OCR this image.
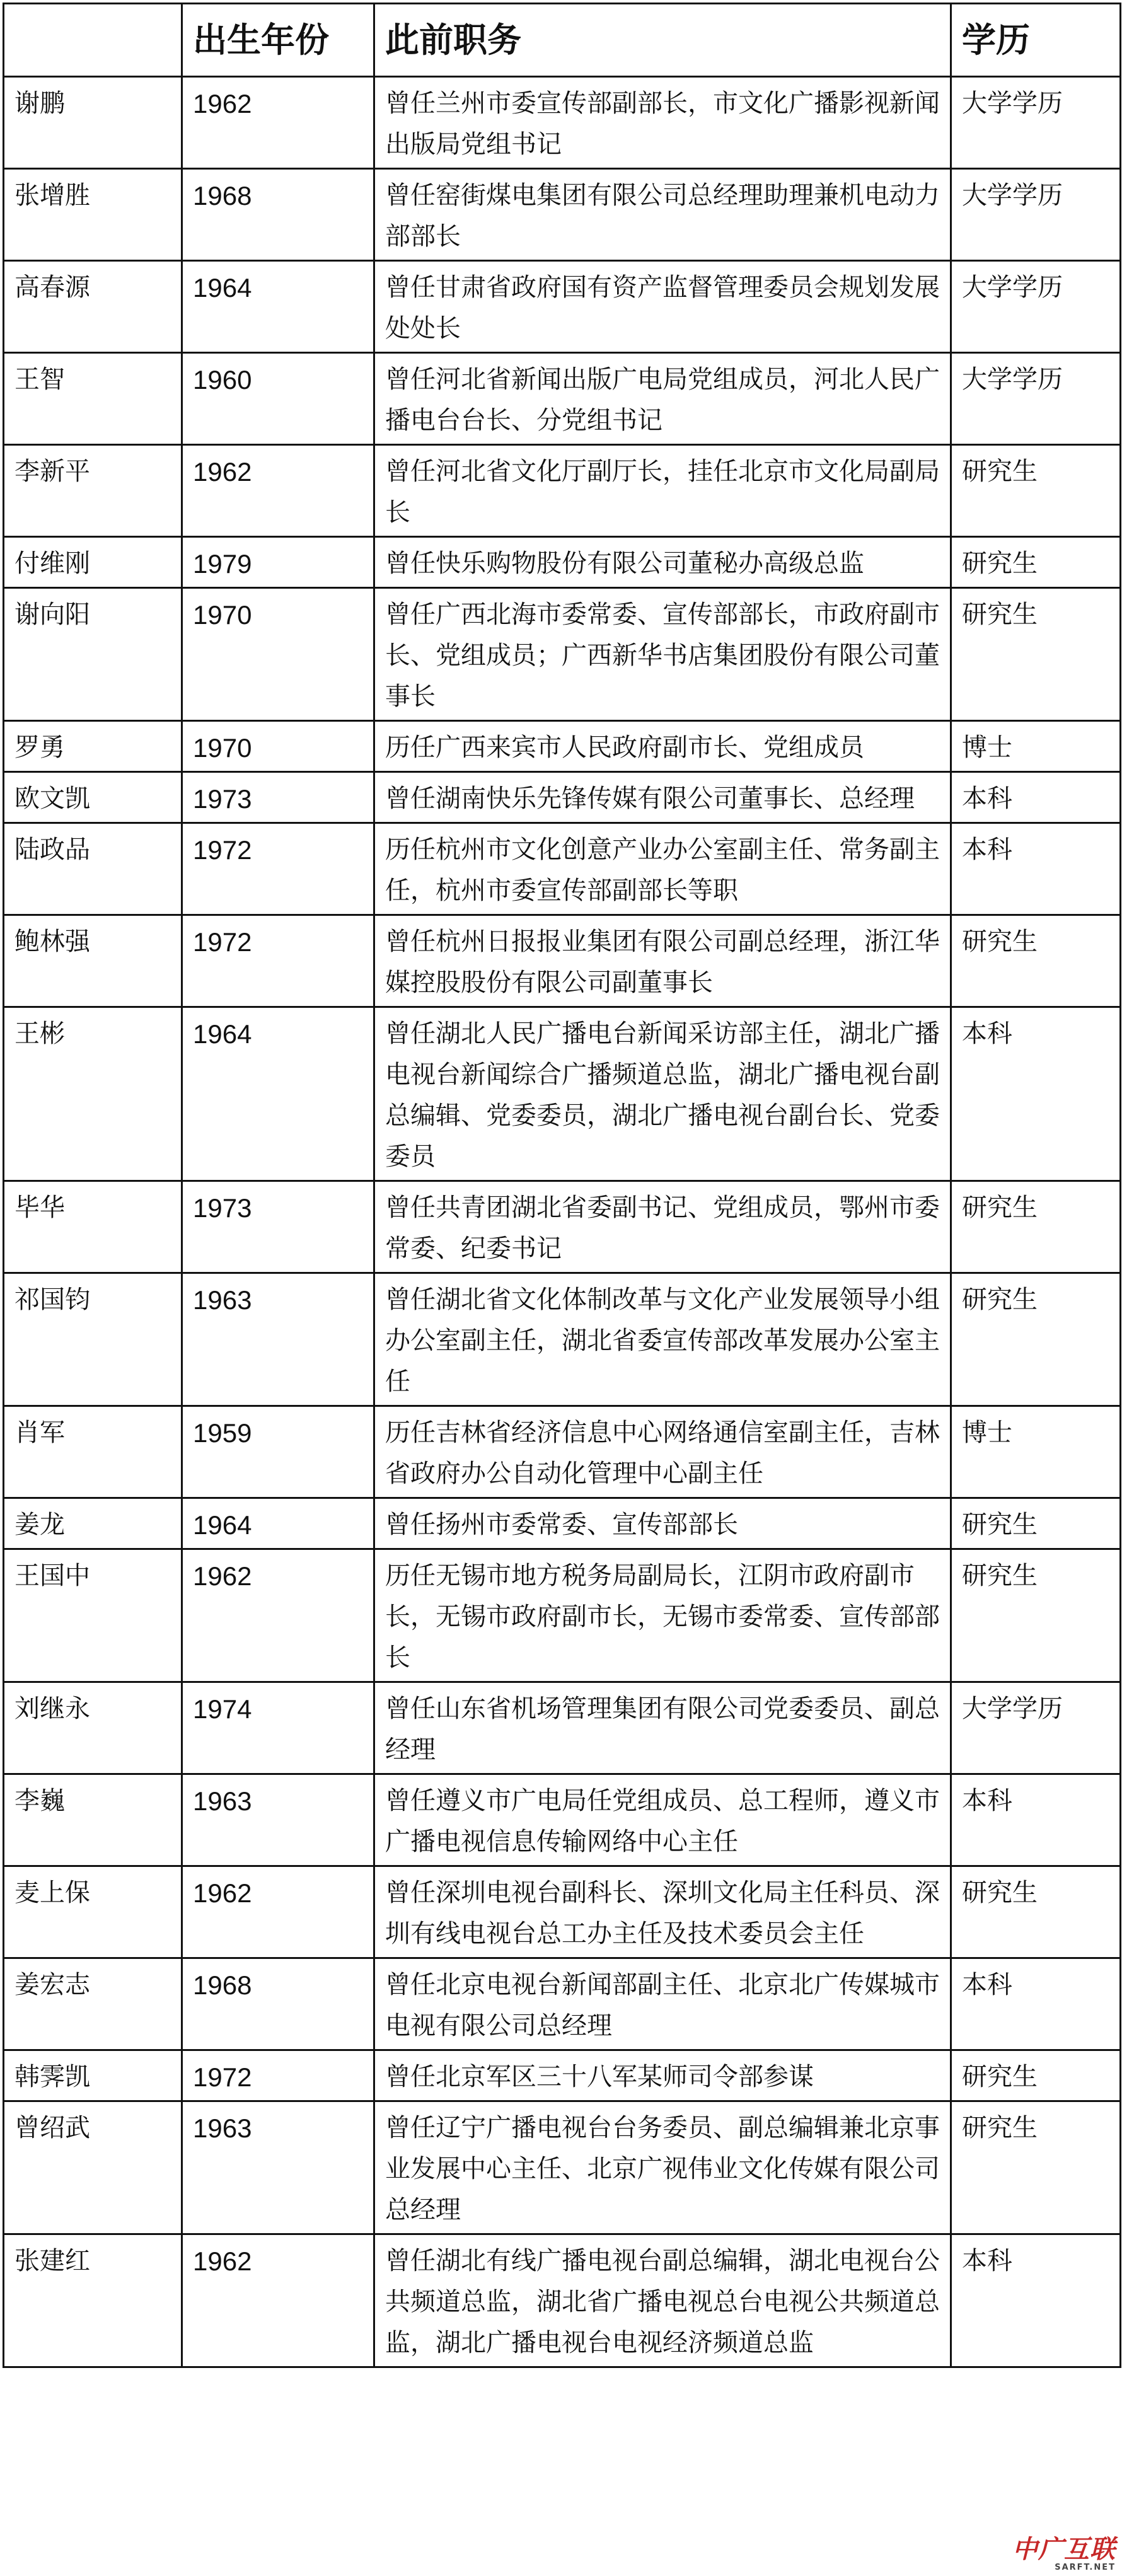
	出生年份	此前职务	学历
谢鹏	1962	曾任兰州市委宣传部副部长，市文化广播影视新闻出版局党组书记	大学学历
张增胜	1968	曾任窑街煤电集团有限公司总经理助理兼机电动力部部长	大学学历
高春源	1964	曾任甘肃省政府国有资产监督管理委员会规划发展处处长	大学学历
王智	1960	曾任河北省新闻出版广电局党组成员，河北人民广播电台台长、分党组书记	大学学历
李新平	1962	曾任河北省文化厅副厅长，挂任北京市文化局副局长	研究生
付维刚	1979	曾任快乐购物股份有限公司董秘办高级总监	研究生
谢向阳	1970	曾任广西北海市委常委、宣传部部长，市政府副市长、党组成员；广西新华书店集团股份有限公司董事长	研究生
罗勇	1970	历任广西来宾市人民政府副市长、党组成员	博士
欧文凯	1973	曾任湖南快乐先锋传媒有限公司董事长、总经理	本科
陆政品	1972	历任杭州市文化创意产业办公室副主任、常务副主任，杭州市委宣传部副部长等职	本科
鲍林强	1972	曾任杭州日报报业集团有限公司副总经理，浙江华媒控股股份有限公司副董事长	研究生
王彬	1964	曾任湖北人民广播电台新闻采访部主任，湖北广播电视台新闻综合广播频道总监，湖北广播电视台副总编辑、党委委员，湖北广播电视台副台长、党委委员	本科
毕华	1973	曾任共青团湖北省委副书记、党组成员，鄂州市委常委、纪委书记	研究生
祁国钧	1963	曾任湖北省文化体制改革与文化产业发展领导小组办公室副主任，湖北省委宣传部改革发展办公室主任	研究生
肖军	1959	历任吉林省经济信息中心网络通信室副主任，吉林省政府办公自动化管理中心副主任	博士
姜龙	1964	曾任扬州市委常委、宣传部部长	研究生
王国中	1962	历任无锡市地方税务局副局长，江阴市政府副市长，无锡市政府副市长，无锡市委常委、宣传部部长	研究生
刘继永	1974	曾任山东省机场管理集团有限公司党委委员、副总经理	大学学历
李巍	1963	曾任遵义市广电局任党组成员、总工程师，遵义市广播电视信息传输网络中心主任	本科
麦上保	1962	曾任深圳电视台副科长、深圳文化局主任科员、深圳有线电视台总工办主任及技术委员会主任	研究生
姜宏志	1968	曾任北京电视台新闻部副主任、北京北广传媒城市电视有限公司总经理	本科
韩霁凯	1972	曾任北京军区三十八军某师司令部参谋	研究生
曾绍武	1963	曾任辽宁广播电视台台务委员、副总编辑兼北京事业发展中心主任、北京广视伟业文化传媒有限公司总经理	研究生
张建红	1962	曾任湖北有线广播电视台副总编辑，湖北电视台公共频道总监，湖北省广播电视总台电视公共频道总监，湖北广播电视台电视经济频道总监	本科
中广互联
SARFT.NET
